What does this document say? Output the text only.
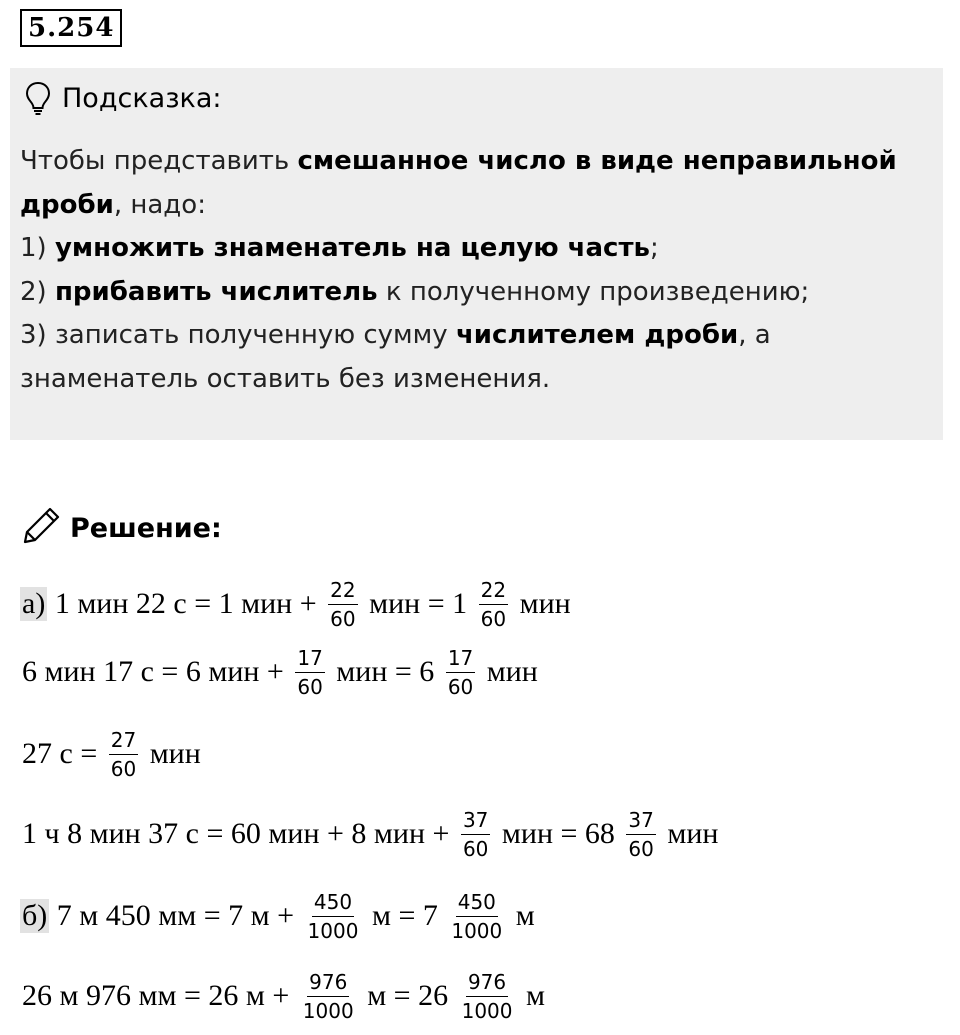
5.254
Подсказка:
Чтобы представить смешанное число в виде неправильной
дроби, надо:
1) умножить знаменатель на целую часть;
2) прибавить числитель к полученному произведению;
3) записать полученную сумму числителем дроби, а
знаменатель оставить без изменения.
Решение:
а) 1 мин 22 с = 1 мин + $\frac{22}{60}$ мин = $1 \frac{22}{60}$ мин
6 мин 17 с = 6 мин + $\frac{17}{60}$ мин = $6 \frac{17}{60}$ мин
27 $с = \frac{27}{60}$ мин
1 ч 8 мин 37 с = 60 мин + 8 мин + $\frac{37}{60}$ мин = $68 \frac{37}{60}$ мин
б) 7 м 450 мм = 7 $м + \frac{450}{1000}$ $м = 7 \frac{450}{1000}$ м
26 м 976 мм = 26 $м + \frac{976}{1000}$ $м = 26 \frac{976}{1000}$ м
